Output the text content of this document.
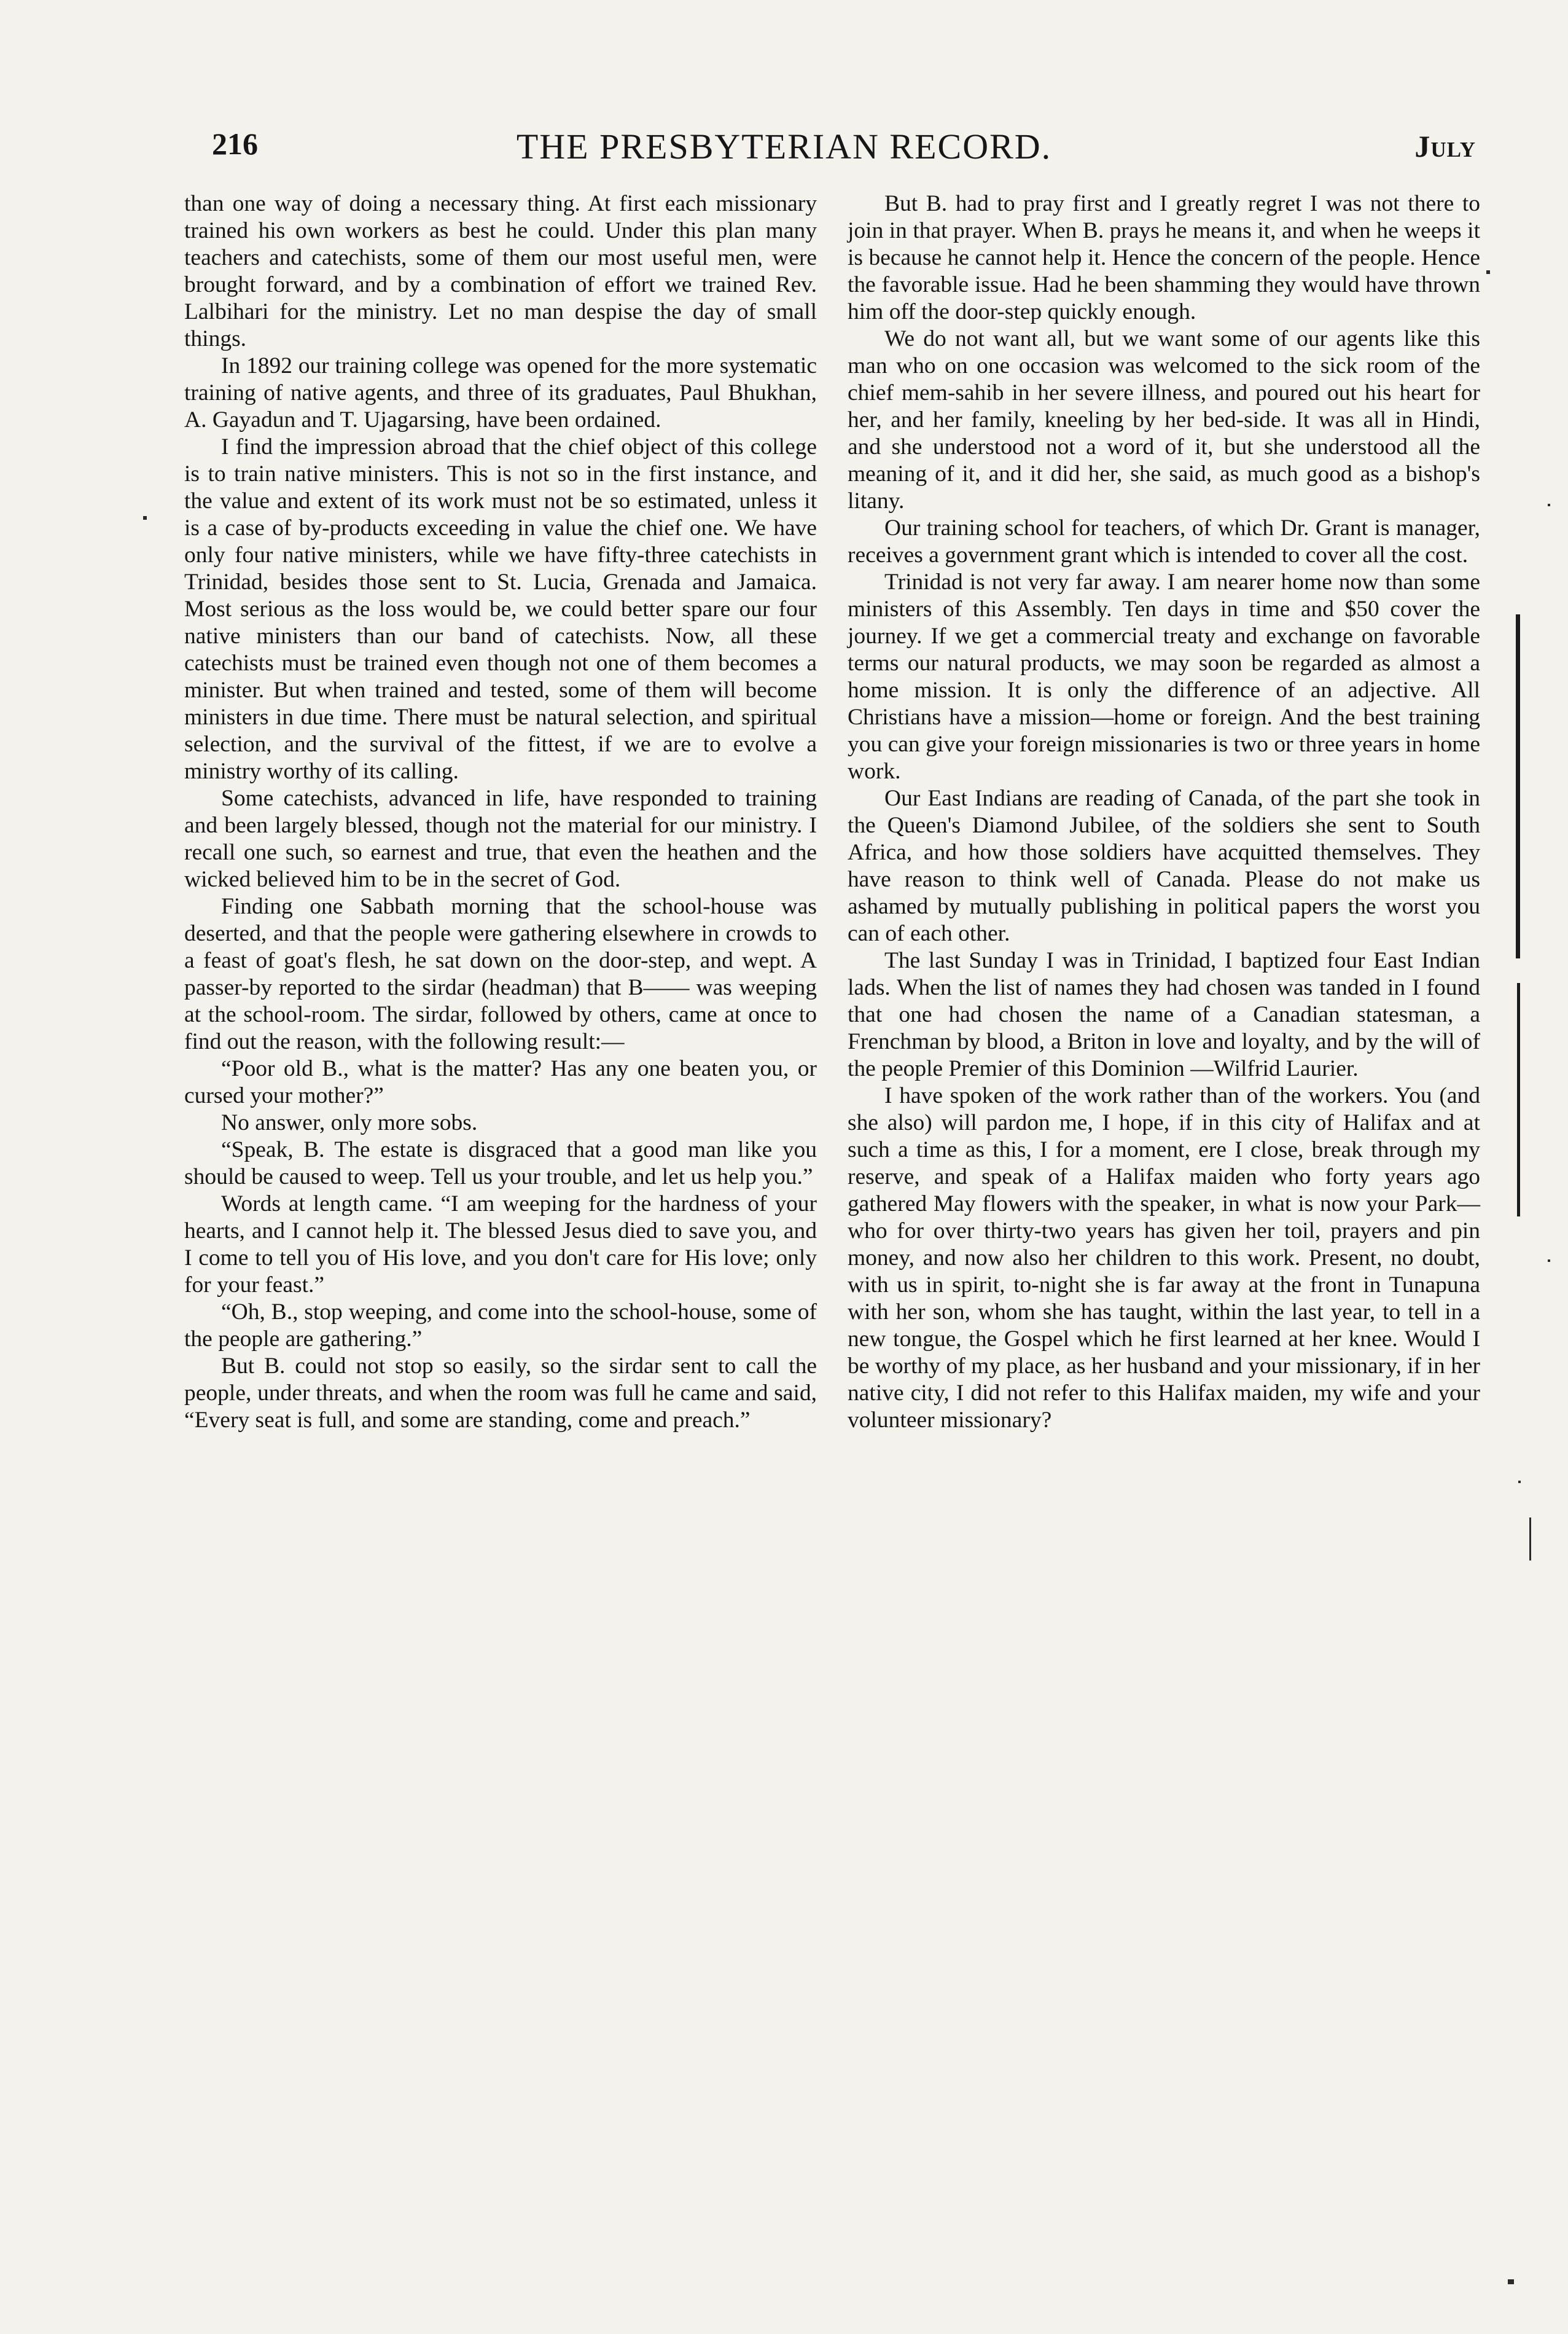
216	THE PRESBYTERIAN RECORD.	July

than one way of doing a necessary thing. At first each missionary trained his own workers as best he could. Under this plan many teachers and catechists, some of them our most useful men, were brought forward, and by a combination of effort we trained Rev. Lalbihari for the ministry. Let no man despise the day of small things.

In 1892 our training college was opened for the more systematic training of native agents, and three of its graduates, Paul Bhukhan, A. Gayadun and T. Ujagarsing, have been ordained.

I find the impression abroad that the chief object of this college is to train native ministers. This is not so in the first instance, and the value and extent of its work must not be so estimated, unless it is a case of by-products exceeding in value the chief one. We have only four native ministers, while we have fifty-three catechists in Trinidad, besides those sent to St. Lucia, Grenada and Jamaica. Most serious as the loss would be, we could better spare our four native ministers than our band of catechists. Now, all these catechists must be trained even though not one of them becomes a minister. But when trained and tested, some of them will become ministers in due time. There must be natural selection, and spiritual selection, and the survival of the fittest, if we are to evolve a ministry worthy of its calling.

Some catechists, advanced in life, have responded to training and been largely blessed, though not the material for our ministry. I recall one such, so earnest and true, that even the heathen and the wicked believed him to be in the secret of God.

Finding one Sabbath morning that the school-house was deserted, and that the people were gathering elsewhere in crowds to a feast of goat's flesh, he sat down on the door-step, and wept. A passer-by reported to the sirdar (headman) that B—— was weeping at the school-room. The sirdar, followed by others, came at once to find out the reason, with the following result:—

“Poor old B., what is the matter? Has any one beaten you, or cursed your mother?”

No answer, only more sobs.

“Speak, B. The estate is disgraced that a good man like you should be caused to weep. Tell us your trouble, and let us help you.”

Words at length came. “I am weeping for the hardness of your hearts, and I cannot help it. The blessed Jesus died to save you, and I come to tell you of His love, and you don't care for His love; only for your feast.”

“Oh, B., stop weeping, and come into the school-house, some of the people are gathering.”

But B. could not stop so easily, so the sirdar sent to call the people, under threats, and when the room was full he came and said, “Every seat is full, and some are standing, come and preach.”

But B. had to pray first and I greatly regret I was not there to join in that prayer. When B. prays he means it, and when he weeps it is because he cannot help it. Hence the concern of the people. Hence the favorable issue. Had he been shamming they would have thrown him off the door-step quickly enough.

We do not want all, but we want some of our agents like this man who on one occasion was welcomed to the sick room of the chief mem-sahib in her severe illness, and poured out his heart for her, and her family, kneeling by her bed-side. It was all in Hindi, and she understood not a word of it, but she understood all the meaning of it, and it did her, she said, as much good as a bishop's litany.

Our training school for teachers, of which Dr. Grant is manager, receives a government grant which is intended to cover all the cost.

Trinidad is not very far away. I am nearer home now than some ministers of this Assembly. Ten days in time and $50 cover the journey. If we get a commercial treaty and exchange on favorable terms our natural products, we may soon be regarded as almost a home mission. It is only the difference of an adjective. All Christians have a mission—home or foreign. And the best training you can give your foreign missionaries is two or three years in home work.

Our East Indians are reading of Canada, of the part she took in the Queen's Diamond Jubilee, of the soldiers she sent to South Africa, and how those soldiers have acquitted themselves. They have reason to think well of Canada. Please do not make us ashamed by mutually publishing in political papers the worst you can of each other.

The last Sunday I was in Trinidad, I baptized four East Indian lads. When the list of names they had chosen was tanded in I found that one had chosen the name of a Canadian statesman, a Frenchman by blood, a Briton in love and loyalty, and by the will of the people Premier of this Dominion —Wilfrid Laurier.

I have spoken of the work rather than of the workers. You (and she also) will pardon me, I hope, if in this city of Halifax and at such a time as this, I for a moment, ere I close, break through my reserve, and speak of a Halifax maiden who forty years ago gathered May flowers with the speaker, in what is now your Park—who for over thirty-two years has given her toil, prayers and pin money, and now also her children to this work. Present, no doubt, with us in spirit, to-night she is far away at the front in Tunapuna with her son, whom she has taught, within the last year, to tell in a new tongue, the Gospel which he first learned at her knee. Would I be worthy of my place, as her husband and your missionary, if in her native city, I did not refer to this Halifax maiden, my wife and your volunteer missionary?
